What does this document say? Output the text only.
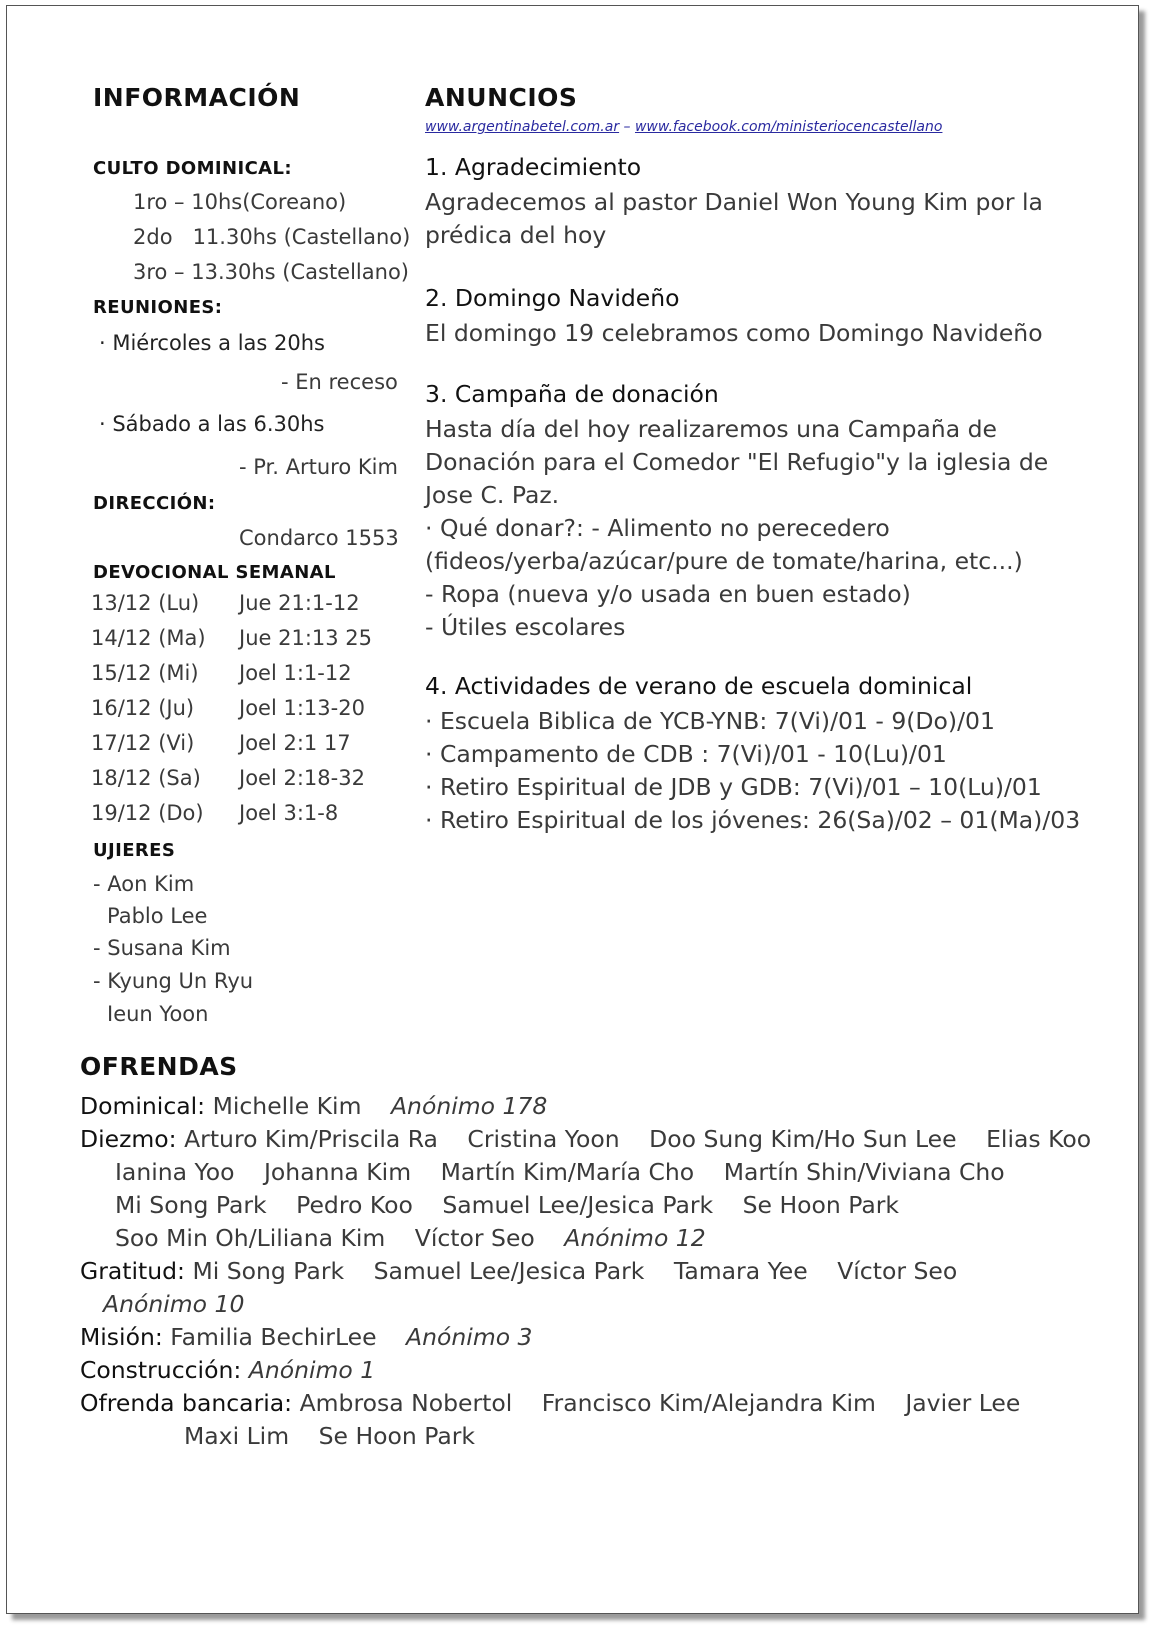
INFORMACIÓN
CULTO DOMINICAL:
1ro – 10hs(Coreano)
2do   11.30hs (Castellano)
3ro – 13.30hs (Castellano)
REUNIONES:
· Miércoles a las 20hs
- En receso
· Sábado a las 6.30hs
- Pr. Arturo Kim
DIRECCIÓN:
Condarco 1553
DEVOCIONAL SEMANAL
13/12 (Lu) Jue 21:1-12
14/12 (Ma) Jue 21:13 25
15/12 (Mi) Joel 1:1-12
16/12 (Ju) Joel 1:13-20
17/12 (Vi) Joel 2:1 17
18/12 (Sa) Joel 2:18-32
19/12 (Do) Joel 3:1-8
UJIERES
- Aon Kim
Pablo Lee
- Susana Kim
- Kyung Un Ryu
Ieun Yoon
ANUNCIOS
www.argentinabetel.com.ar – www.facebook.com/ministeriocencastellano
1. Agradecimiento
Agradecemos al pastor Daniel Won Young Kim por la
prédica del hoy
2. Domingo Navideño
El domingo 19 celebramos como Domingo Navideño
3. Campaña de donación
Hasta día del hoy realizaremos una Campaña de
Donación para el Comedor "El Refugio"y la iglesia de
Jose C. Paz.
· Qué donar?: - Alimento no perecedero
(fideos/yerba/azúcar/pure de tomate/harina, etc...)
- Ropa (nueva y/o usada en buen estado)
- Útiles escolares
4. Actividades de verano de escuela dominical
· Escuela Biblica de YCB-YNB: 7(Vi)/01 - 9(Do)/01
· Campamento de CDB : 7(Vi)/01 - 10(Lu)/01
· Retiro Espiritual de JDB y GDB: 7(Vi)/01 – 10(Lu)/01
· Retiro Espiritual de los jóvenes: 26(Sa)/02 – 01(Ma)/03
OFRENDAS
Dominical: Michelle Kim Anónimo 178
Diezmo: Arturo Kim/Priscila Ra Cristina Yoon Doo Sung Kim/Ho Sun Lee Elias Koo
Ianina Yoo Johanna Kim Martín Kim/María Cho Martín Shin/Viviana Cho
Mi Song Park Pedro Koo Samuel Lee/Jesica Park Se Hoon Park
Soo Min Oh/Liliana Kim Víctor Seo Anónimo 12
Gratitud: Mi Song Park Samuel Lee/Jesica Park Tamara Yee Víctor Seo
Anónimo 10
Misión: Familia BechirLee Anónimo 3
Construcción: Anónimo 1
Ofrenda bancaria: Ambrosa Nobertol Francisco Kim/Alejandra Kim Javier Lee
Maxi Lim Se Hoon Park
